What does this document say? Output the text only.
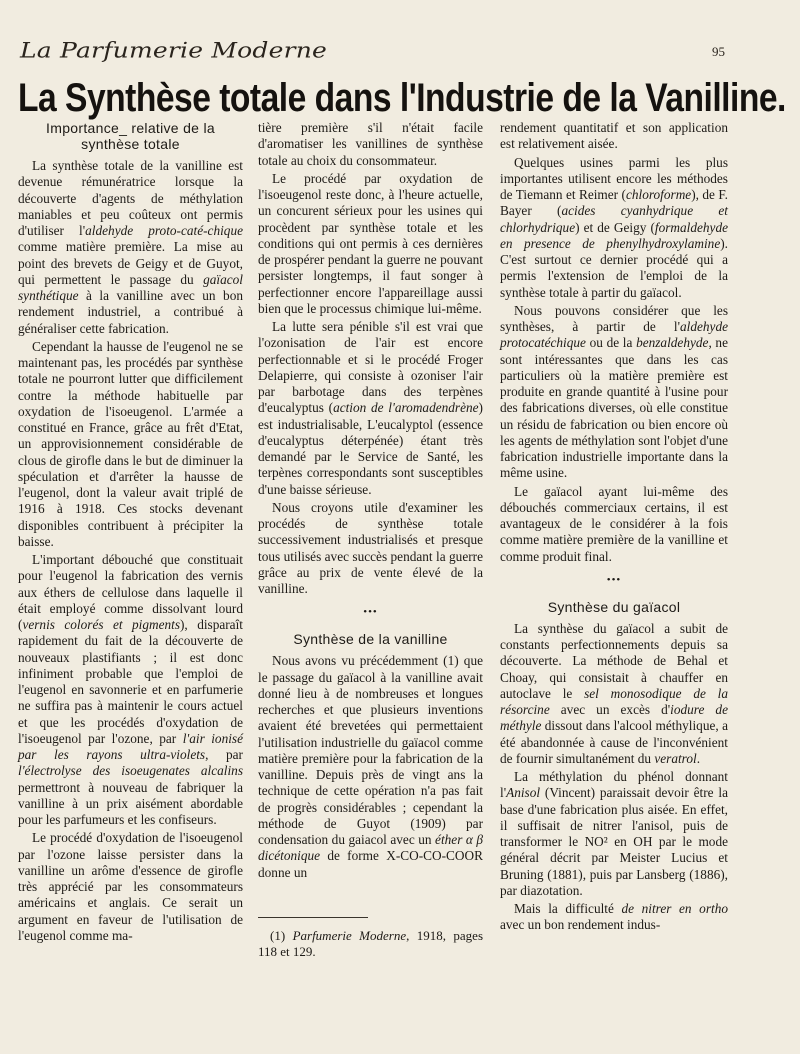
La Parfumerie Moderne	95
La Synthèse totale dans l'Industrie de la Vanilline.
Importance_ relative de la
synthèse totale

La synthèse totale de la vanilline est devenue rémunératrice lorsque la découverte d'agents de méthylation maniables et peu coûteux ont permis d'utiliser l'aldehyde proto-caté-chique comme matière première. La mise au point des brevets de Geigy et de Guyot, qui permettent le passage du gaïacol synthétique à la vanilline avec un bon rendement industriel, a contribué à généraliser cette fabrication.

Cependant la hausse de l'eugenol ne se maintenant pas, les procédés par synthèse totale ne pourront lutter que difficilement contre la méthode habituelle par oxydation de l'isoeugenol. L'armée a constitué en France, grâce au frêt d'Etat, un approvisionnement considérable de clous de girofle dans le but de diminuer la spéculation et d'arrêter la hausse de l'eugenol, dont la valeur avait triplé de 1916 à 1918. Ces stocks devenant disponibles contribuent à précipiter la baisse.

L'important débouché que constituait pour l'eugenol la fabrication des vernis aux éthers de cellulose dans laquelle il était employé comme dissolvant lourd (vernis colorés et pigments), disparaît rapidement du fait de la découverte de nouveaux plastifiants ; il est donc infiniment probable que l'emploi de l'eugenol en savonnerie et en parfumerie ne suffira pas à maintenir le cours actuel et que les procédés d'oxydation de l'isoeugenol par l'ozone, par l'air ionisé par les rayons ultra-violets, par l'électrolyse des isoeugenates alcalins permettront à nouveau de fabriquer la vanilline à un prix aisément abordable pour les parfumeurs et les confiseurs.

Le procédé d'oxydation de l'isoeugenol par l'ozone laisse persister dans la vanilline un arôme d'essence de girofle très apprécié par les consommateurs américains et anglais. Ce serait un argument en faveur de l'utilisation de l'eugenol comme ma-

tière première s'il n'était facile d'aromatiser les vanillines de synthèse totale au choix du consommateur.

Le procédé par oxydation de l'isoeugenol reste donc, à l'heure actuelle, un concurent sérieux pour les usines qui procèdent par synthèse totale et les conditions qui ont permis à ces dernières de prospérer pendant la guerre ne pouvant persister longtemps, il faut songer à perfectionner encore l'appareillage aussi bien que le processus chimique lui-même.

La lutte sera pénible s'il est vrai que l'ozonisation de l'air est encore perfectionnable et si le procédé Froger Delapierre, qui consiste à ozoniser l'air par barbotage dans des terpènes d'eucalyptus (action de l'aromadendrène) est industrialisable, L'eucalyptol (essence d'eucalyptus déterpénée) étant très demandé par le Service de Santé, les terpènes correspondants sont susceptibles d'une baisse sérieuse.

Nous croyons utile d'examiner les procédés de synthèse totale successivement industrialisés et presque tous utilisés avec succès pendant la guerre grâce au prix de vente élevé de la vanilline.

•••
Synthèse de la vanilline

Nous avons vu précédemment (1) que le passage du gaïacol à la vanilline avait donné lieu à de nombreuses et longues recherches et que plusieurs inventions avaient été brevetées qui permettaient l'utilisation industrielle du gaïacol comme matière première pour la fabrication de la vanilline. Depuis près de vingt ans la technique de cette opération n'a pas fait de progrès considérables ; cependant la méthode de Guyot (1909) par condensation du gaiacol avec un éther α β dicétonique de forme X-CO-CO-COOR donne un

(1) Parfumerie Moderne, 1918, pages 118 et 129.

rendement quantitatif et son application est relativement aisée.

Quelques usines parmi les plus importantes utilisent encore les méthodes de Tiemann et Reimer (chloroforme), de F. Bayer (acides cyanhydrique et chlorhydrique) et de Geigy (formaldehyde en presence de phenylhydroxylamine). C'est surtout ce dernier procédé qui a permis l'extension de l'emploi de la synthèse totale à partir du gaïacol.

Nous pouvons considérer que les synthèses, à partir de l'aldehyde protocatéchique ou de la benzaldehyde, ne sont intéressantes que dans les cas particuliers où la matière première est produite en grande quantité à l'usine pour des fabrications diverses, où elle constitue un résidu de fabrication ou bien encore où les agents de méthylation sont l'objet d'une fabrication industrielle importante dans la même usine.

Le gaïacol ayant lui-même des débouchés commerciaux certains, il est avantageux de le considérer à la fois comme matière première de la vanilline et comme produit final.

•••
Synthèse du gaïacol

La synthèse du gaïacol a subit de constants perfectionnements depuis sa découverte. La méthode de Behal et Choay, qui consistait à chauffer en autoclave le sel monosodique de la résorcine avec un excès d'iodure de méthyle dissout dans l'alcool méthylique, a été abandonnée à cause de l'inconvénient de fournir simultanément du veratrol.

La méthylation du phénol donnant l'Anisol (Vincent) paraissait devoir être la base d'une fabrication plus aisée. En effet, il suffisait de nitrer l'anisol, puis de transformer le NO² en OH par le mode général décrit par Meister Lucius et Bruning (1881), puis par Lansberg (1886), par diazotation.

Mais la difficulté de nitrer en ortho avec un bon rendement indus-
